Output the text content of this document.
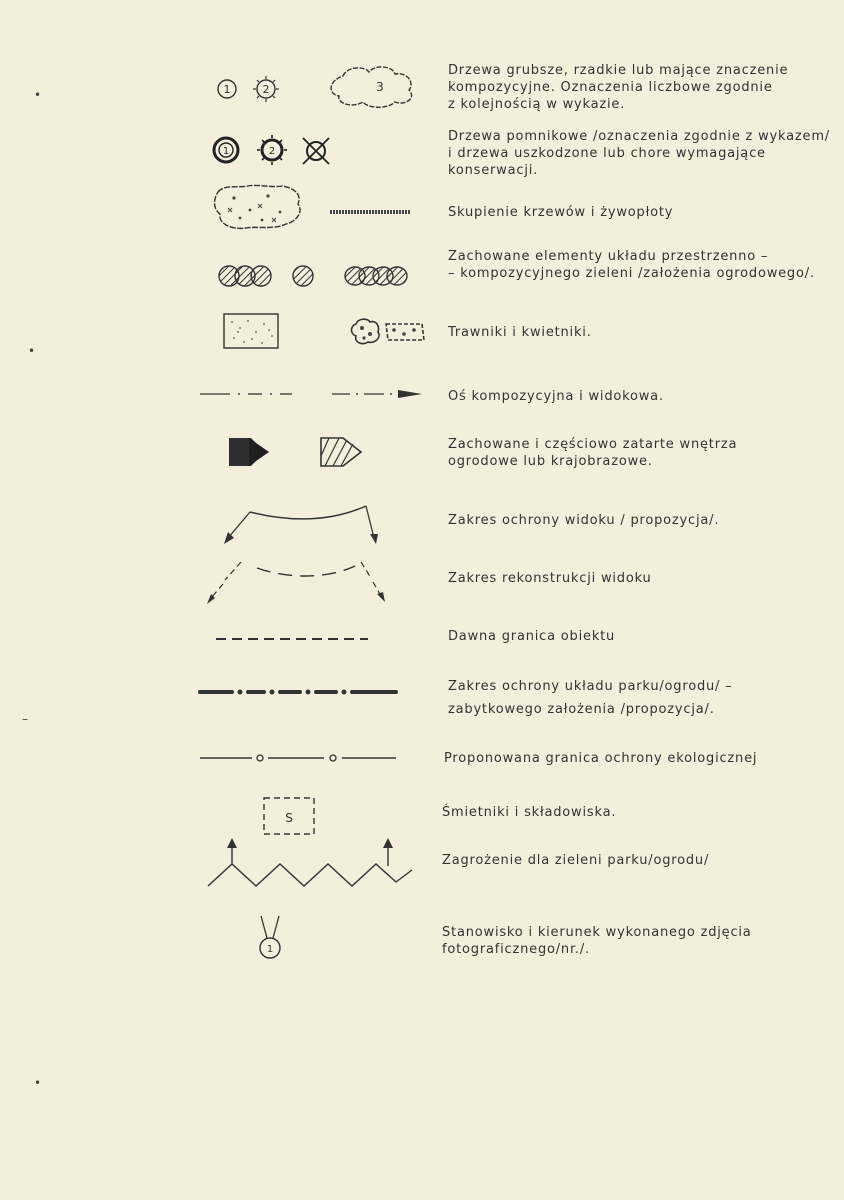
•
•
–
•
1	2	3
1	2
S
1
Drzewa grubsze, rzadkie lub mające znaczenie
kompozycyjne. Oznaczenia liczbowe zgodnie
z kolejnością w wykazie.
Drzewa pomnikowe /oznaczenia zgodnie z wykazem/
i drzewa uszkodzone lub chore wymagające
konserwacji.
Skupienie krzewów i żywopłoty
Zachowane elementy układu przestrzenno –
– kompozycyjnego zieleni /założenia ogrodowego/.
Trawniki i kwietniki.
Oś kompozycyjna i widokowa.
Zachowane i częściowo zatarte wnętrza
ogrodowe lub krajobrazowe.
Zakres ochrony widoku / propozycja/.
Zakres rekonstrukcji widoku
Dawna granica obiektu
Zakres ochrony układu parku/ogrodu/ –
zabytkowego założenia /propozycja/.
Proponowana granica ochrony ekologicznej
Śmietniki i składowiska.
Zagrożenie dla zieleni parku/ogrodu/
Stanowisko i kierunek wykonanego zdjęcia
fotograficznego/nr./.
